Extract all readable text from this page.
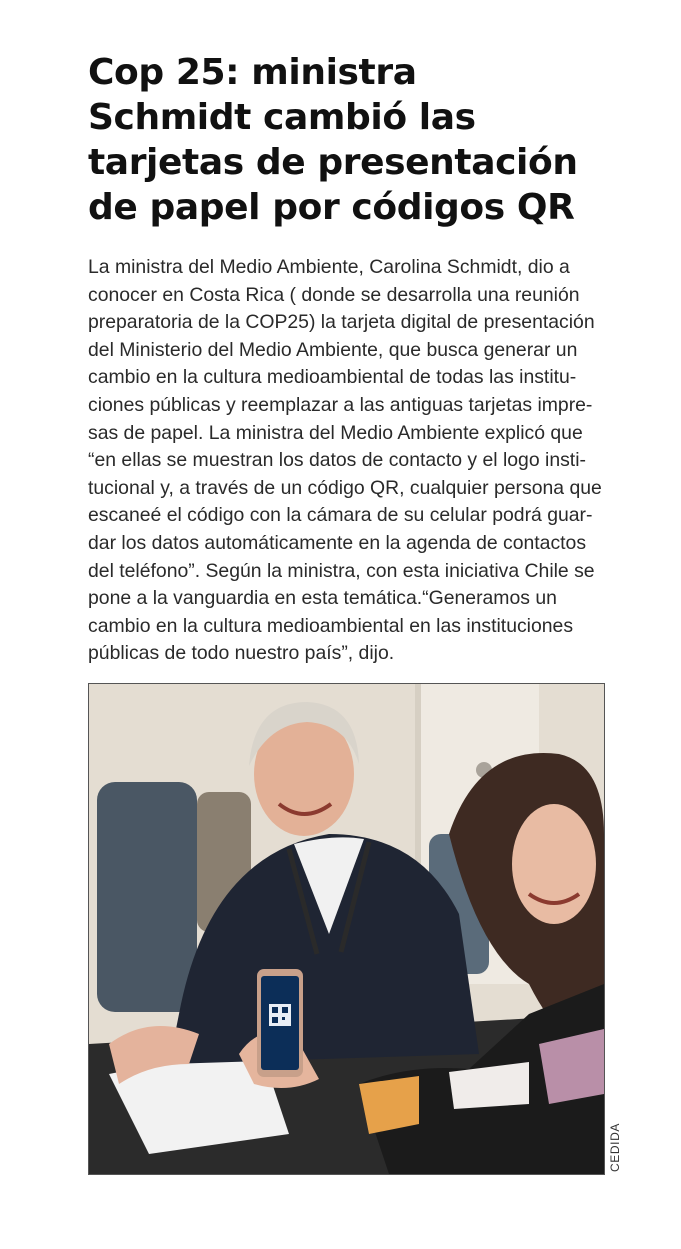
Cop 25: ministra
Schmidt cambió las
tarjetas de presentación
de papel por códigos QR
La ministra del Medio Ambiente, Carolina Schmidt, dio a
conocer en Costa Rica ( donde se desarrolla una reunión
preparatoria de la COP25) la tarjeta digital de presentación
del Ministerio del Medio Ambiente, que busca generar un
cambio en la cultura medioambiental de todas las institu-
ciones públicas y reemplazar a las antiguas tarjetas impre-
sas de papel. La ministra del Medio Ambiente explicó que
“en ellas se muestran los datos de contacto y el logo insti-
tucional y, a través de un código QR, cualquier persona que
escaneé el código con la cámara de su celular podrá guar-
dar los datos automáticamente en la agenda de contactos
del teléfono”. Según la ministra, con esta iniciativa Chile se
pone a la vanguardia en esta temática.“Generamos un
cambio en la cultura medioambiental en las instituciones
públicas de todo nuestro país”, dijo.
CEDIDA
